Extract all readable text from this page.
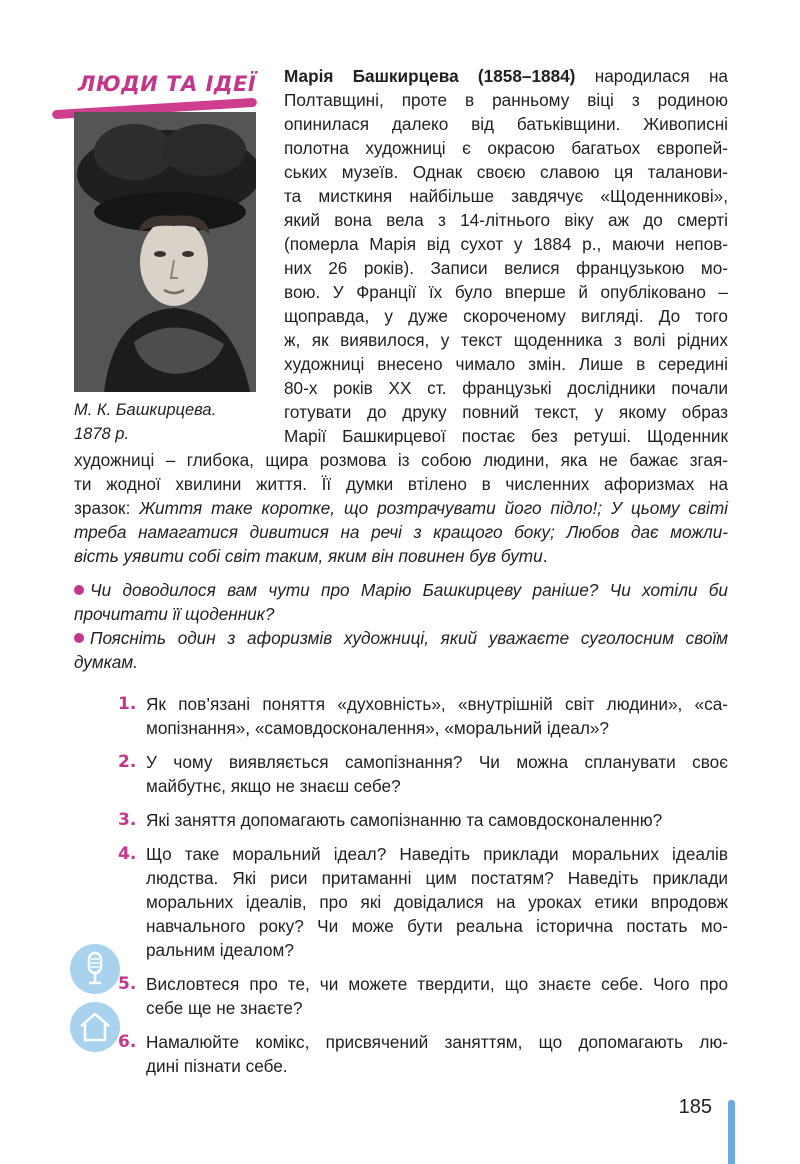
ЛЮДИ ТА ІДЕЇ
М. К. Башкирцева.
1878 р.
Марія Башкирцева (1858–1884) народилася на
Полтавщині, проте в ранньому віці з родиною
опинилася далеко від батьківщини. Живописні
полотна художниці є окрасою багатьох європей-
ських музеїв. Однак своєю славою ця таланови-
та мисткиня найбільше завдячує «Щоденникові»,
який вона вела з 14-літнього віку аж до смерті
(померла Марія від сухот у 1884 р., маючи непов-
них 26 років). Записи велися французькою мо-
вою. У Франції їх було вперше й опубліковано –
щоправда, у дуже скороченому вигляді. До того
ж, як виявилося, у текст щоденника з волі рідних
художниці внесено чимало змін. Лише в середині
80-х років XX ст. французькі дослідники почали
готувати до друку повний текст, у якому образ
Марії Башкирцевої постає без ретуші. Щоденник
художниці – глибока, щира розмова із собою людини, яка не бажає згая-
ти жодної хвилини життя. Її думки втілено в численних афоризмах на
зразок: Життя таке коротке, що розтрачувати його підло!; У цьому світі
треба намагатися дивитися на речі з кращого боку; Любов дає можли-
вість уявити собі світ таким, яким він повинен був бути.
Чи доводилося вам чути про Марію Башкирцеву раніше? Чи хотіли би
прочитати її щоденник?
Поясніть один з афоризмів художниці, який уважаєте суголосним своїм
думкам.
1. Як пов’язані поняття «духовність», «внутрішній світ людини», «са-
мопізнання», «самовдосконалення», «моральний ідеал»?
2. У чому виявляється самопізнання? Чи можна спланувати своє
майбутнє, якщо не знаєш себе?
3. Які заняття допомагають самопізнанню та самовдосконаленню?
4. Що таке моральний ідеал? Наведіть приклади моральних ідеалів
людства. Які риси притаманні цим постатям? Наведіть приклади
моральних ідеалів, про які довідалися на уроках етики впродовж
навчального року? Чи може бути реальна історична постать мо-
ральним ідеалом?
5. Висловтеся про те, чи можете твердити, що знаєте себе. Чого про
себе ще не знаєте?
6. Намалюйте комікс, присвячений заняттям, що допомагають лю-
дині пізнати себе.
185
